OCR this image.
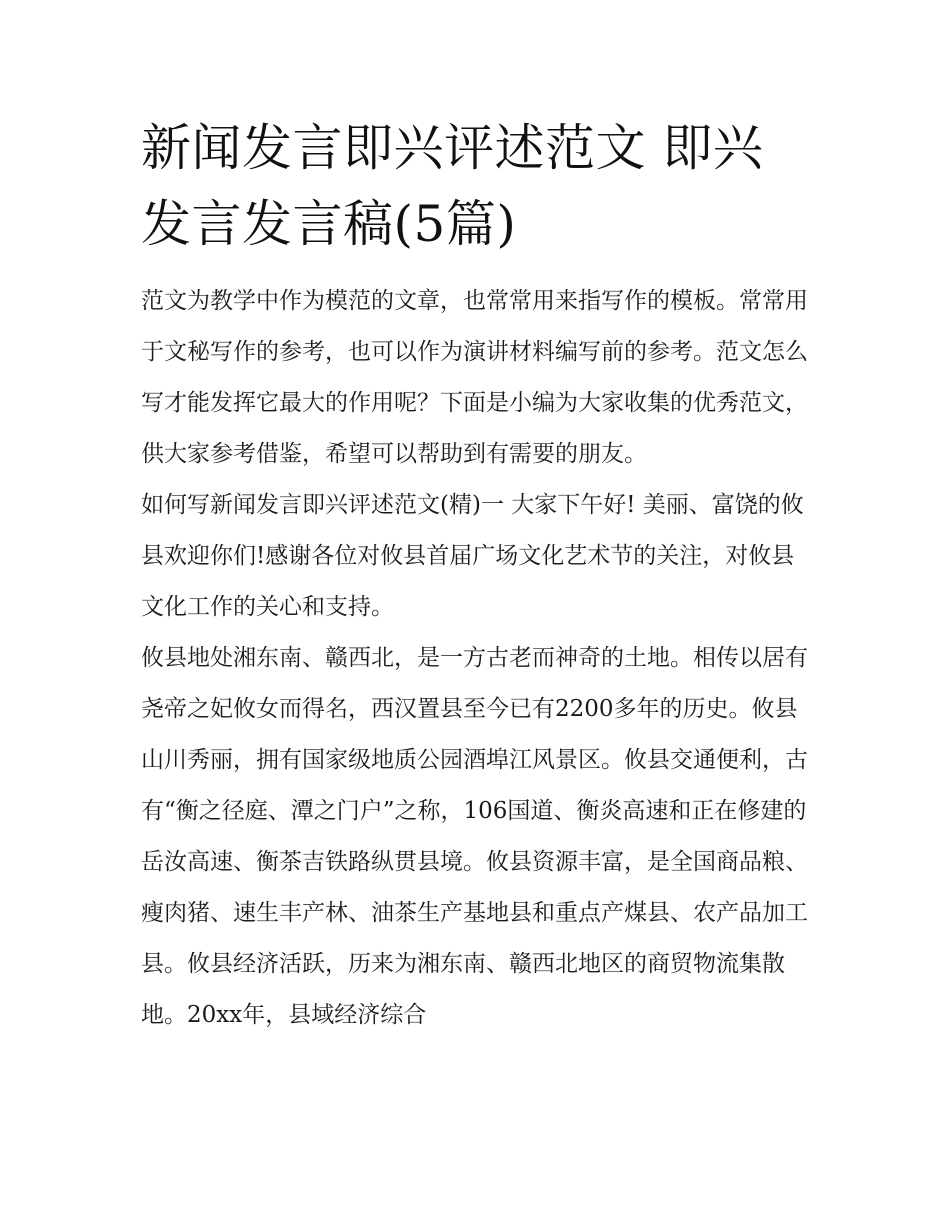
新闻发言即兴评述范文 即兴发言发言稿(5篇)

范文为教学中作为模范的文章，也常常用来指写作的模板。常常用于文秘写作的参考，也可以作为演讲材料编写前的参考。范文怎么写才能发挥它最大的作用呢？下面是小编为大家收集的优秀范文，供大家参考借鉴，希望可以帮助到有需要的朋友。

如何写新闻发言即兴评述范文(精)一 大家下午好! 美丽、富饶的攸县欢迎你们!感谢各位对攸县首届广场文化艺术节的关注，对攸县文化工作的关心和支持。

攸县地处湘东南、赣西北，是一方古老而神奇的土地。相传以居有尧帝之妃攸女而得名，西汉置县至今已有2200多年的历史。攸县山川秀丽，拥有国家级地质公园酒埠江风景区。攸县交通便利，古有“衡之径庭、潭之门户”之称，106国道、衡炎高速和正在修建的岳汝高速、衡茶吉铁路纵贯县境。攸县资源丰富，是全国商品粮、瘦肉猪、速生丰产林、油茶生产基地县和重点产煤县、农产品加工县。攸县经济活跃，历来为湘东南、赣西北地区的商贸物流集散地。20xx年，县域经济综合
